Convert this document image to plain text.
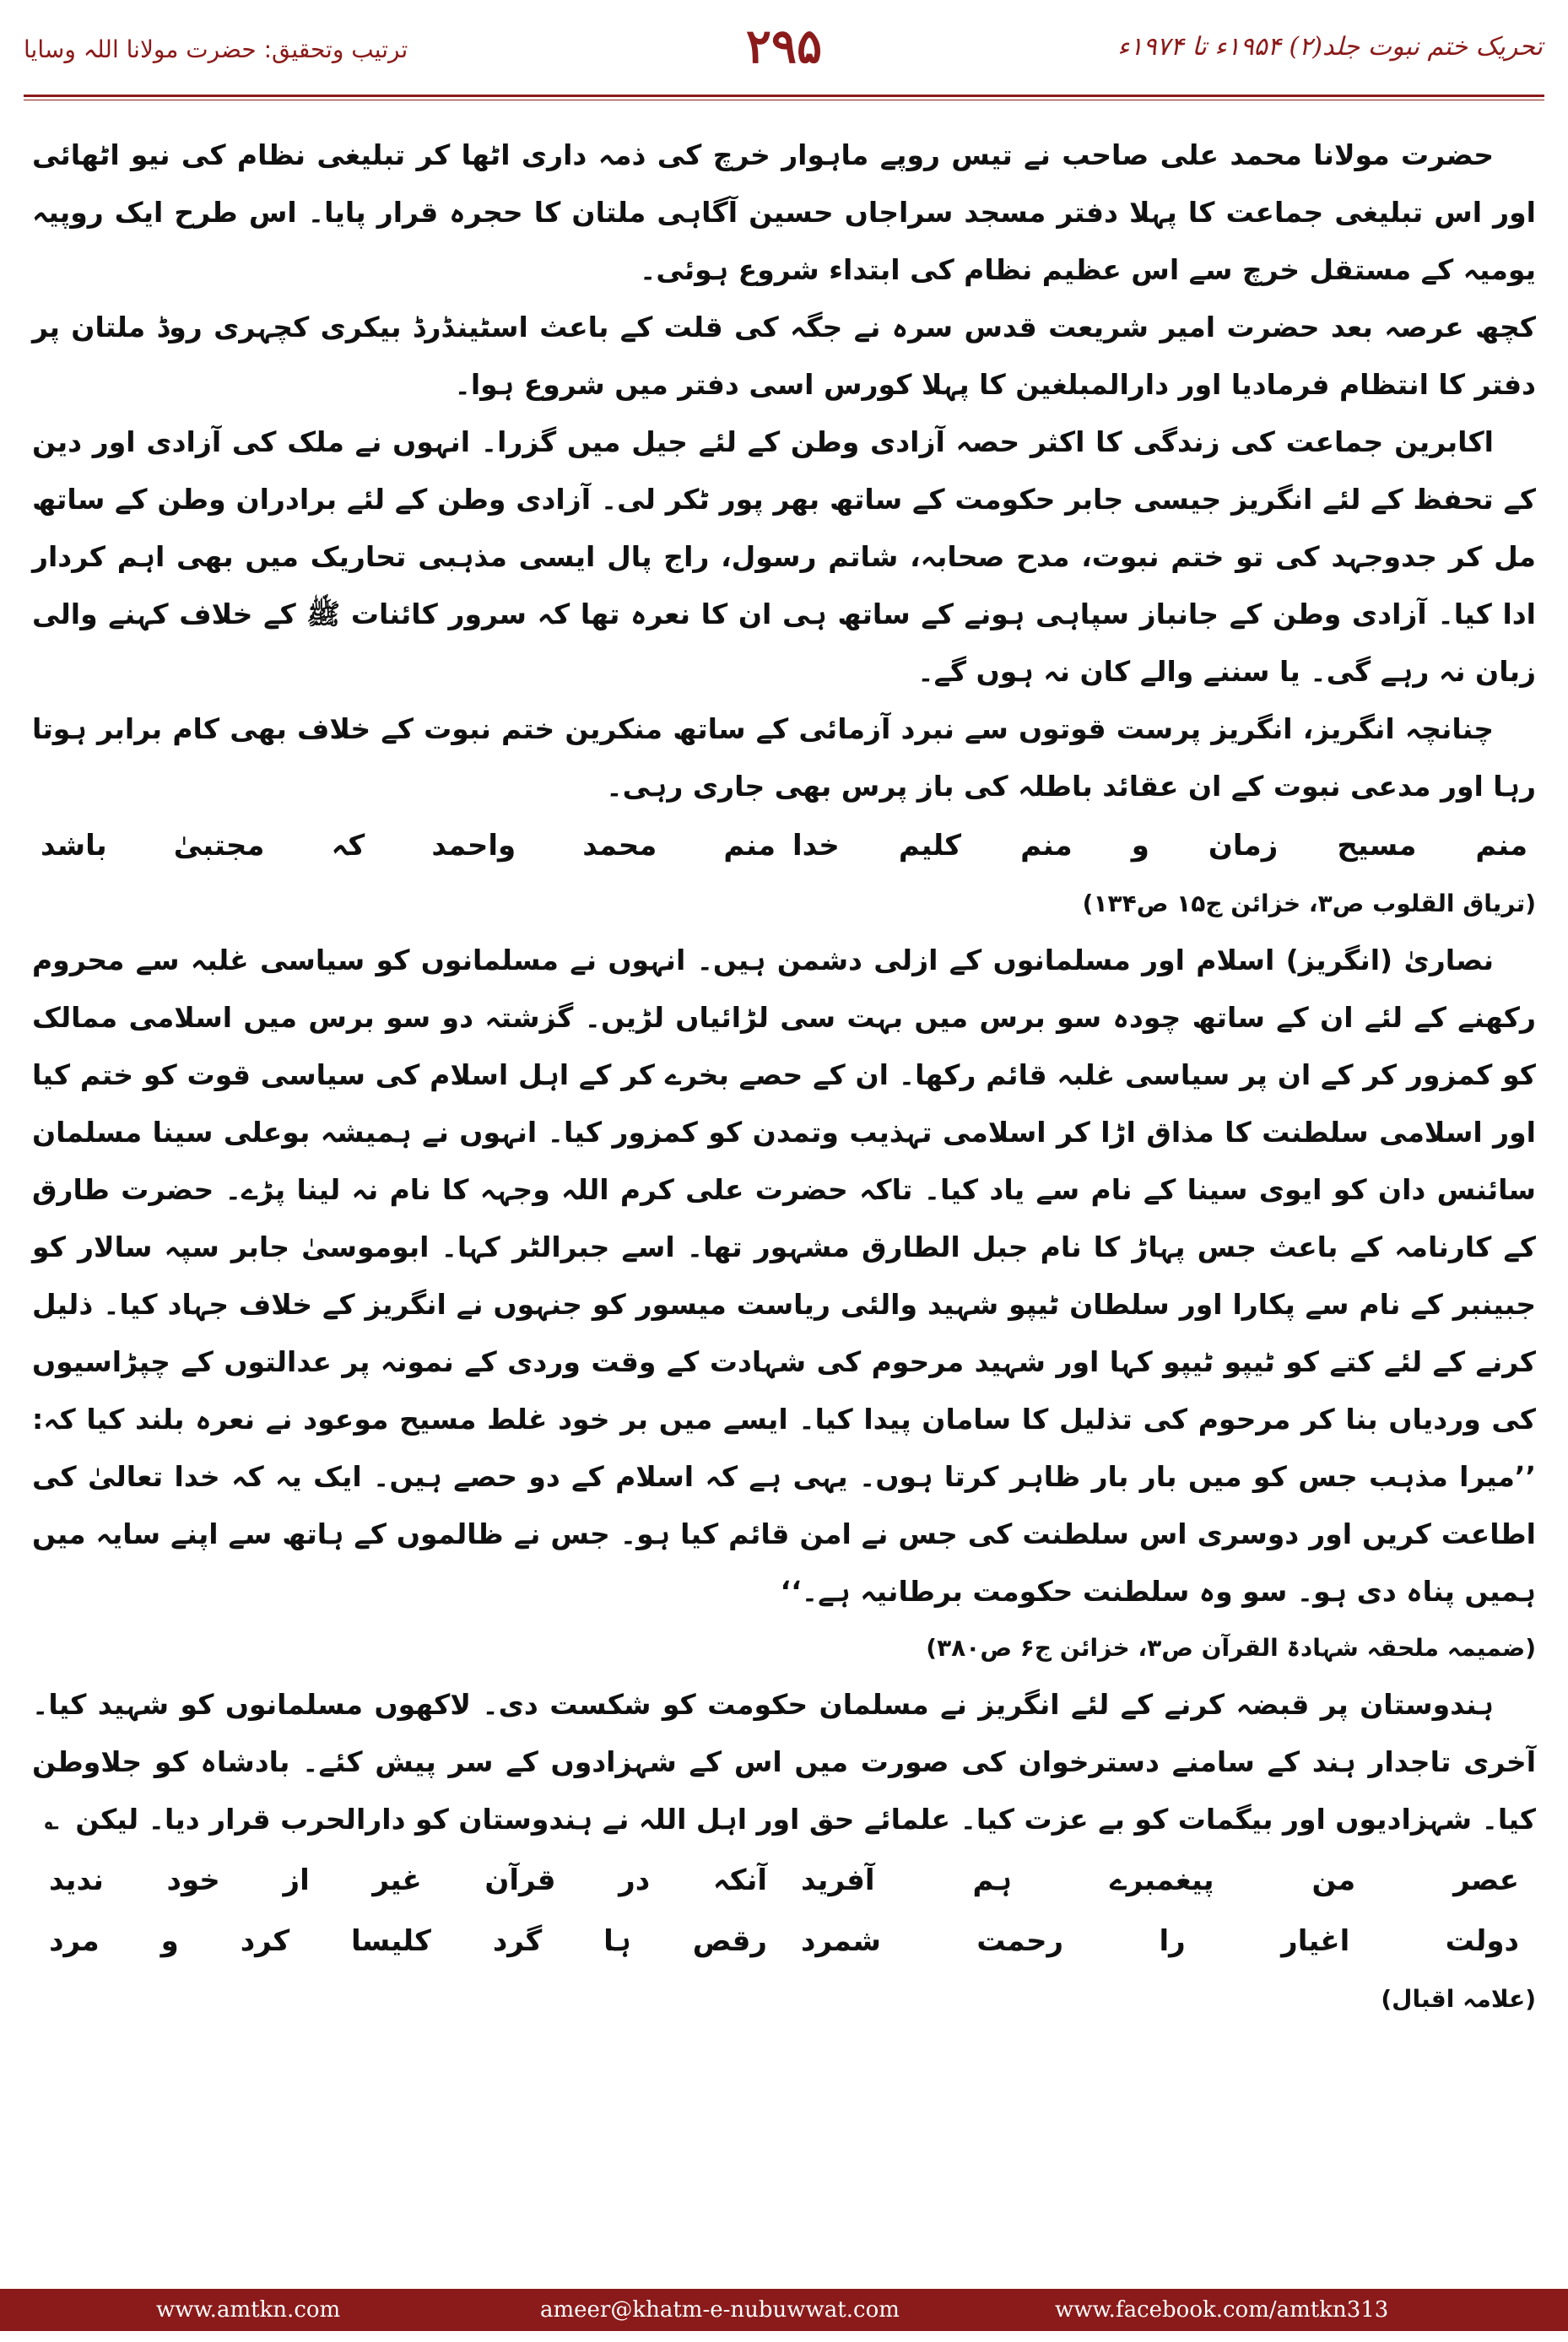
تحریک ختم نبوت جلد(۲) ۱۹۵۴ء تا ۱۹۷۴ء
۲۹۵
ترتیب وتحقیق: حضرت مولانا اللہ وسایا

حضرت مولانا محمد علی صاحب نے تیس روپے ماہوار خرچ کی ذمہ داری اٹھا کر تبلیغی نظام کی نیو اٹھائی اور اس تبلیغی جماعت کا پہلا دفتر مسجد سراجاں حسین آگاہی ملتان کا حجرہ قرار پایا۔ اس طرح ایک روپیہ یومیہ کے مستقل خرچ سے اس عظیم نظام کی ابتداء شروع ہوئی۔

کچھ عرصہ بعد حضرت امیر شریعت قدس سرہ نے جگہ کی قلت کے باعث اسٹینڈرڈ بیکری کچہری روڈ ملتان پر دفتر کا انتظام فرمادیا اور دارالمبلغین کا پہلا کورس اسی دفتر میں شروع ہوا۔

اکابرین جماعت کی زندگی کا اکثر حصہ آزادی وطن کے لئے جیل میں گزرا۔ انہوں نے ملک کی آزادی اور دین کے تحفظ کے لئے انگریز جیسی جابر حکومت کے ساتھ بھر پور ٹکر لی۔ آزادی وطن کے لئے برادران وطن کے ساتھ مل کر جدوجہد کی تو ختم نبوت، مدح صحابہ، شاتم رسول، راج پال ایسی مذہبی تحاریک میں بھی اہم کردار ادا کیا۔ آزادی وطن کے جانباز سپاہی ہونے کے ساتھ ہی ان کا نعرہ تھا کہ سرور کائنات ﷺ کے خلاف کہنے والی زبان نہ رہے گی۔ یا سننے والے کان نہ ہوں گے۔

چنانچہ انگریز، انگریز پرست قوتوں سے نبرد آزمائی کے ساتھ منکرین ختم نبوت کے خلاف بھی کام برابر ہوتا رہا اور مدعی نبوت کے ان عقائد باطلہ کی باز پرس بھی جاری رہی۔

منم
مسیح
زمان
و
منم
کلیم
خدا
منم
محمد
واحمد
کہ
مجتبیٰ
باشد

(تریاق القلوب ص۳، خزائن ج۱۵ ص۱۳۴)

نصاریٰ (انگریز) اسلام اور مسلمانوں کے ازلی دشمن ہیں۔ انہوں نے مسلمانوں کو سیاسی غلبہ سے محروم رکھنے کے لئے ان کے ساتھ چودہ سو برس میں بہت سی لڑائیاں لڑیں۔ گزشتہ دو سو برس میں اسلامی ممالک کو کمزور کر کے ان پر سیاسی غلبہ قائم رکھا۔ ان کے حصے بخرے کر کے اہل اسلام کی سیاسی قوت کو ختم کیا اور اسلامی سلطنت کا مذاق اڑا کر اسلامی تہذیب وتمدن کو کمزور کیا۔ انہوں نے ہمیشہ بوعلی سینا مسلمان سائنس دان کو ایوی سینا کے نام سے یاد کیا۔ تاکہ حضرت علی کرم اللہ وجہہ کا نام نہ لینا پڑے۔ حضرت طارق کے کارنامہ کے باعث جس پہاڑ کا نام جبل الطارق مشہور تھا۔ اسے جبرالٹر کہا۔ ابوموسیٰ جابر سپہ سالار کو جبینبر کے نام سے پکارا اور سلطان ٹیپو شہید والئی ریاست میسور کو جنہوں نے انگریز کے خلاف جہاد کیا۔ ذلیل کرنے کے لئے کتے کو ٹیپو ٹیپو کہا اور شہید مرحوم کی شہادت کے وقت وردی کے نمونہ پر عدالتوں کے چپڑاسیوں کی وردیاں بنا کر مرحوم کی تذلیل کا سامان پیدا کیا۔ ایسے میں بر خود غلط مسیح موعود نے نعرہ بلند کیا کہ: ’’میرا مذہب جس کو میں بار بار ظاہر کرتا ہوں۔ یہی ہے کہ اسلام کے دو حصے ہیں۔ ایک یہ کہ خدا تعالیٰ کی اطاعت کریں اور دوسری اس سلطنت کی جس نے امن قائم کیا ہو۔ جس نے ظالموں کے ہاتھ سے اپنے سایہ میں ہمیں پناہ دی ہو۔ سو وہ سلطنت حکومت برطانیہ ہے۔‘‘

(ضمیمہ ملحقہ شہادۃ القرآن ص۳، خزائن ج۶ ص۳۸۰)

ہندوستان پر قبضہ کرنے کے لئے انگریز نے مسلمان حکومت کو شکست دی۔ لاکھوں مسلمانوں کو شہید کیا۔ آخری تاجدار ہند کے سامنے دسترخوان کی صورت میں اس کے شہزادوں کے سر پیش کئے۔ بادشاہ کو جلاوطن کیا۔ شہزادیوں اور بیگمات کو بے عزت کیا۔ علمائے حق اور اہل اللہ نے ہندوستان کو دارالحرب قرار دیا۔ لیکن؎

عصر
من
پیغمبرے
ہم
آفرید
آنکہ
در
قرآن
غیر
از
خود
ندید
دولت
اغیار
را
رحمت
شمرد
رقص
ہا
گرد
کلیسا
کرد
و
مرد

(علامہ اقبال)

www.amtkn.com	ameer@khatm-e-nubuwwat.com	www.facebook.com/amtkn313
